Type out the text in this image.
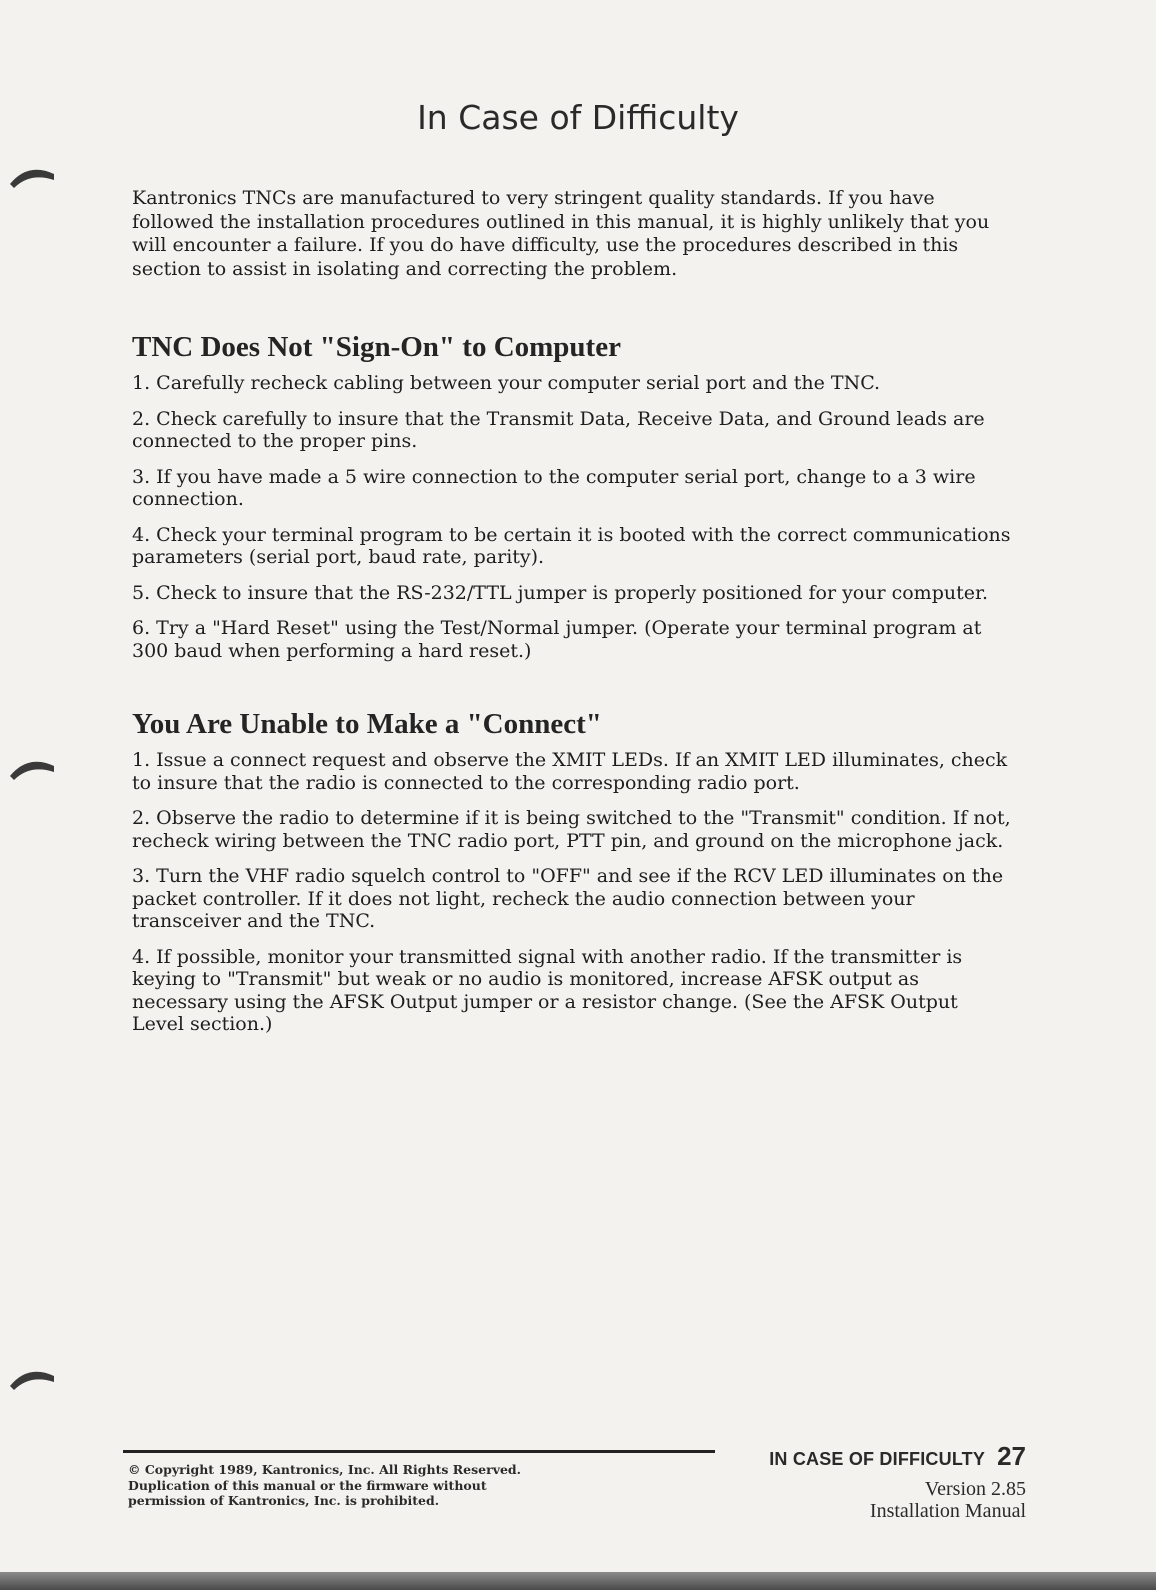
In Case of Difficulty

Kantronics TNCs are manufactured to very stringent quality standards. If you have followed the installation procedures outlined in this manual, it is highly unlikely that you will encounter a failure. If you do have difficulty, use the procedures described in this section to assist in isolating and correcting the problem.

TNC Does Not "Sign-On" to Computer
1. Carefully recheck cabling between your computer serial port and the TNC.
2. Check carefully to insure that the Transmit Data, Receive Data, and Ground leads are connected to the proper pins.
3. If you have made a 5 wire connection to the computer serial port, change to a 3 wire connection.
4. Check your terminal program to be certain it is booted with the correct communications parameters (serial port, baud rate, parity).
5. Check to insure that the RS-232/TTL jumper is properly positioned for your computer.
6. Try a "Hard Reset" using the Test/Normal jumper. (Operate your terminal program at 300 baud when performing a hard reset.)
You Are Unable to Make a "Connect"
1. Issue a connect request and observe the XMIT LEDs. If an XMIT LED illuminates, check to insure that the radio is connected to the corresponding radio port.
2. Observe the radio to determine if it is being switched to the "Transmit" condition. If not, recheck wiring between the TNC radio port, PTT pin, and ground on the microphone jack.
3. Turn the VHF radio squelch control to "OFF" and see if the RCV LED illuminates on the packet controller. If it does not light, recheck the audio connection between your transceiver and the TNC.
4. If possible, monitor your transmitted signal with another radio. If the transmitter is keying to "Transmit" but weak or no audio is monitored, increase AFSK output as necessary using the AFSK Output jumper or a resistor change. (See the AFSK Output Level section.)

© Copyright 1989, Kantronics, Inc. All Rights Reserved.

Duplication of this manual or the firmware without

permission of Kantronics, Inc. is prohibited.

IN CASE OF DIFFICULTY 27
Version 2.85
Installation Manual
